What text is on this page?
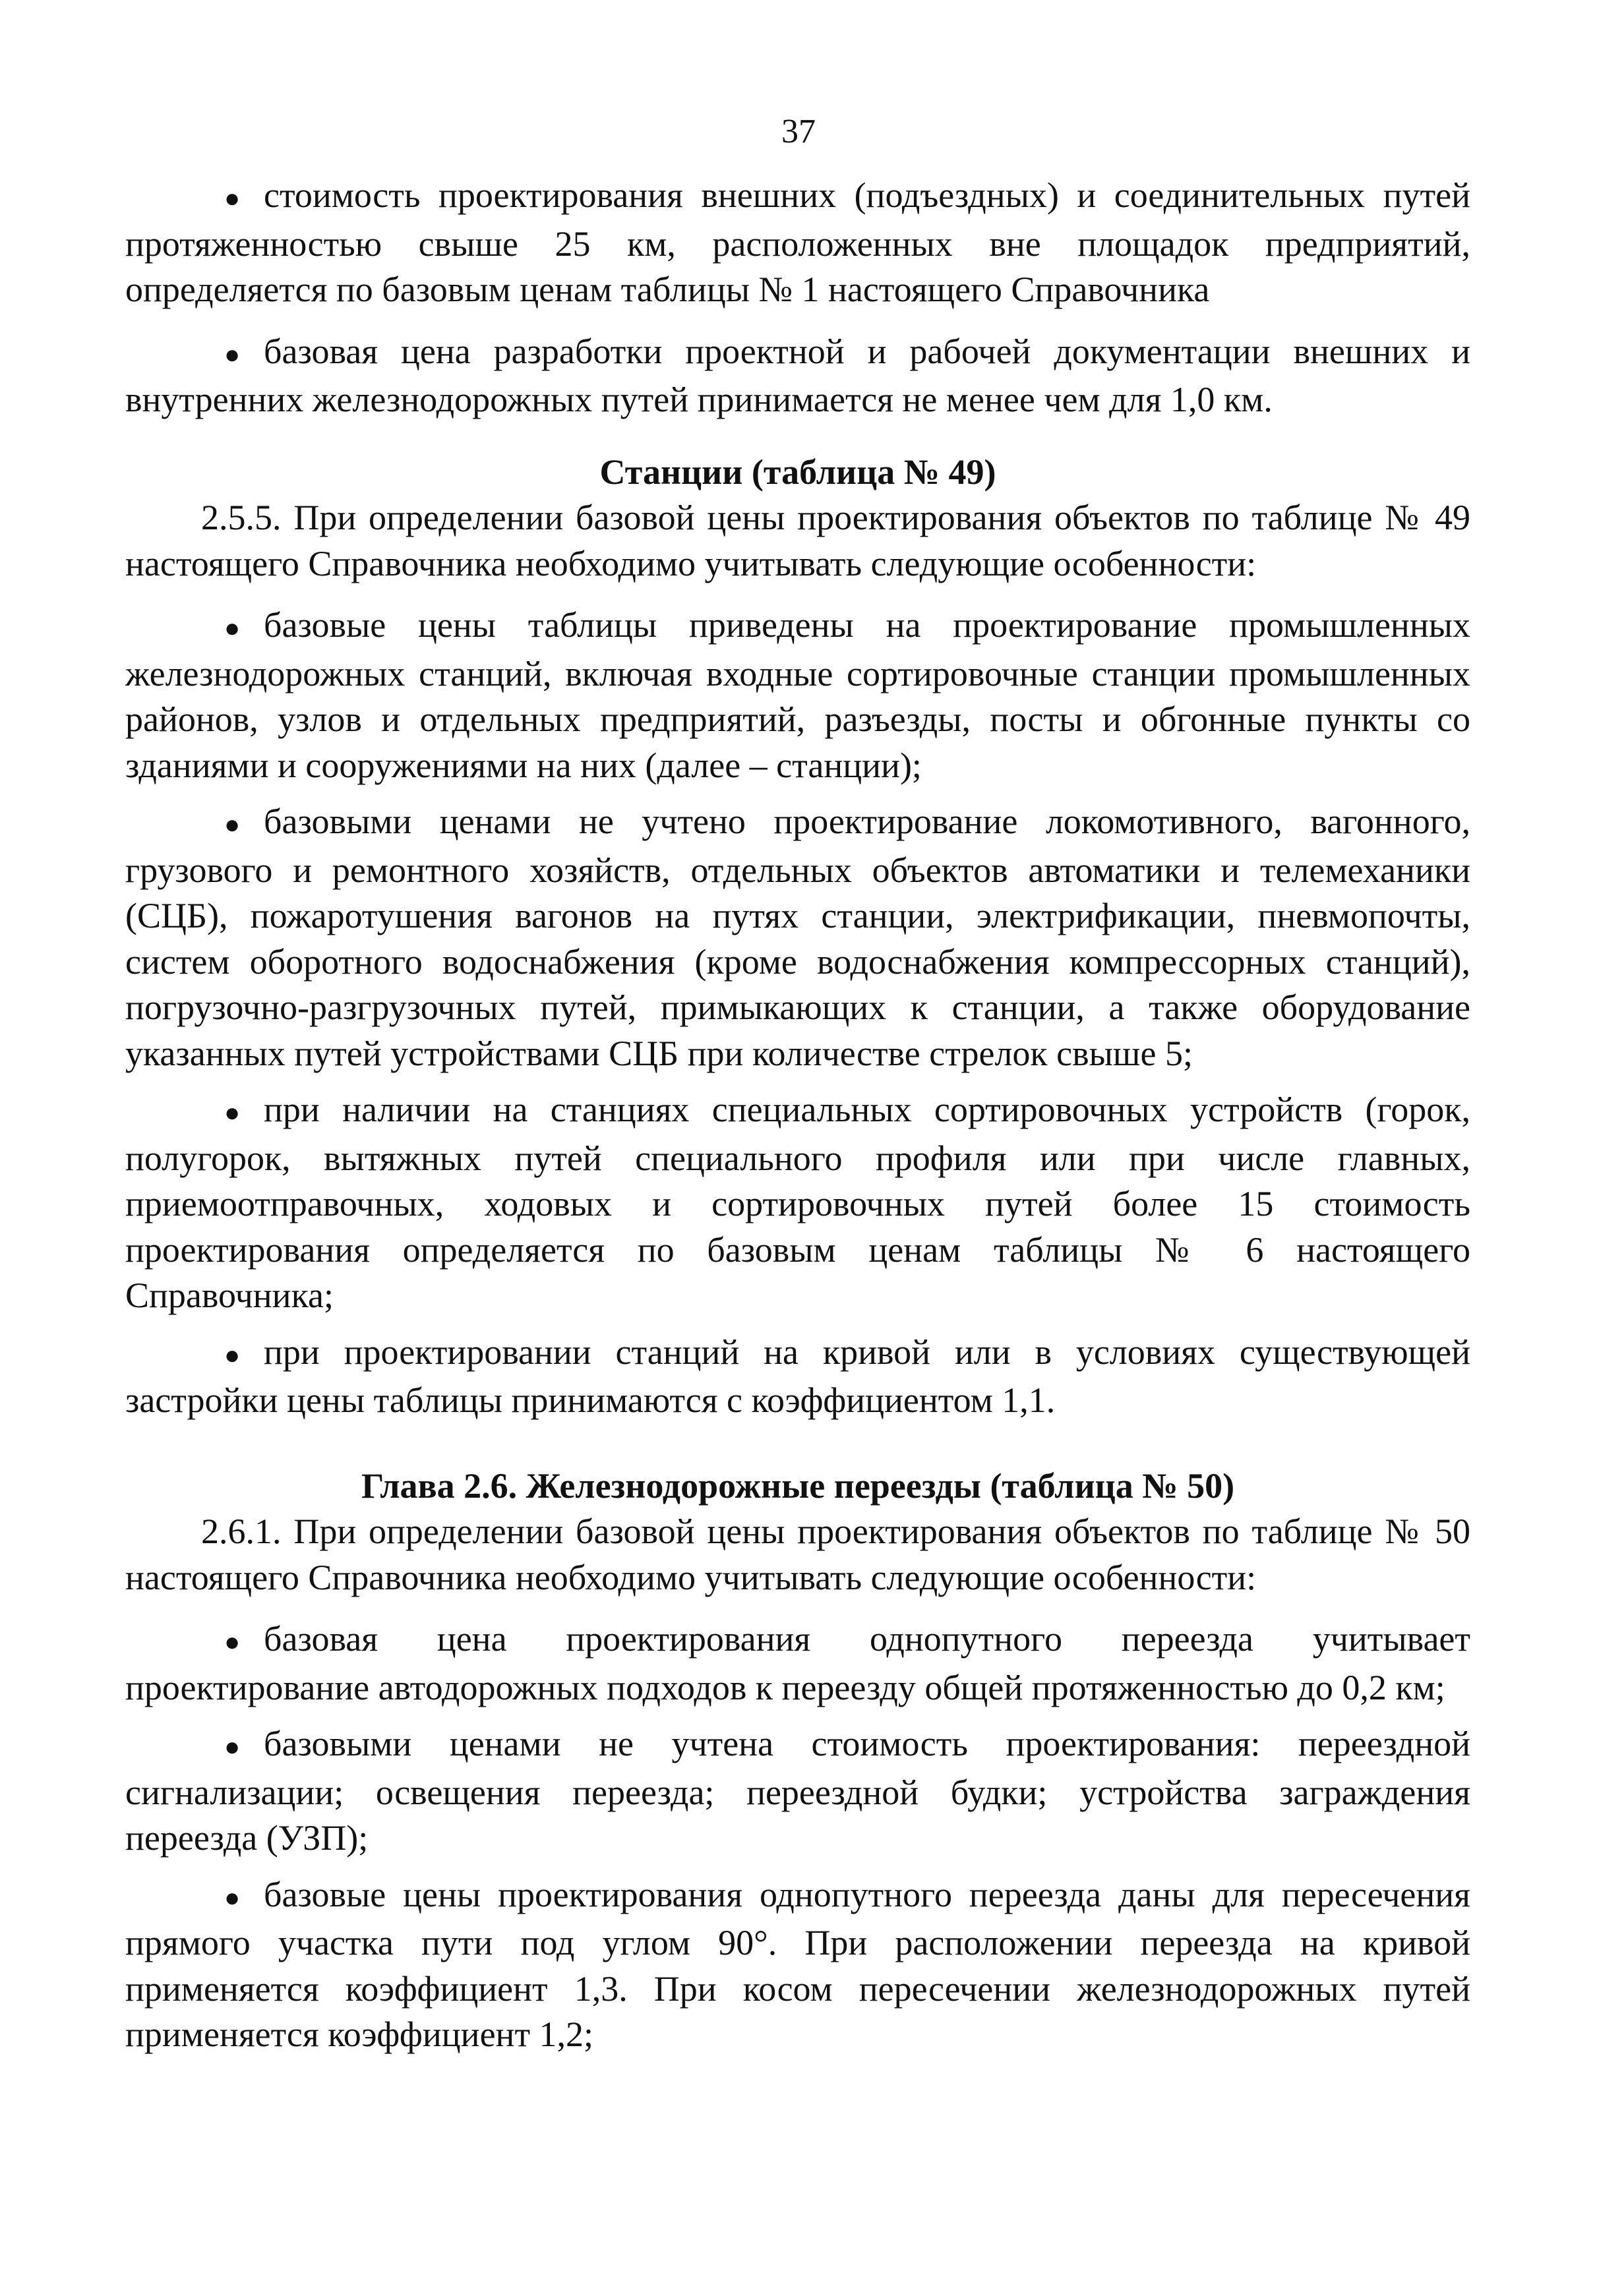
37

● стоимость проектирования внешних (подъездных) и соединительных путей протяженностью свыше 25 км, расположенных вне площадок предприятий, определяется по базовым ценам таблицы № 1 настоящего Справочника

● базовая цена разработки проектной и рабочей документации внешних и внутренних железнодорожных путей принимается не менее чем для 1,0 км.

Станции (таблица № 49)

2.5.5. При определении базовой цены проектирования объектов по таблице № 49 настоящего Справочника необходимо учитывать следующие особенности:

● базовые цены таблицы приведены на проектирование промышленных железнодорожных станций, включая входные сортировочные станции промышленных районов, узлов и отдельных предприятий, разъезды, посты и обгонные пункты со зданиями и сооружениями на них (далее – станции);

● базовыми ценами не учтено проектирование локомотивного, вагонного, грузового и ремонтного хозяйств, отдельных объектов автоматики и телемеханики (СЦБ), пожаротушения вагонов на путях станции, электрификации, пневмопочты, систем оборотного водоснабжения (кроме водоснабжения компрессорных станций), погрузочно-разгрузочных путей, примыкающих к станции, а также оборудование указанных путей устройствами СЦБ при количестве стрелок свыше 5;

● при наличии на станциях специальных сортировочных устройств (горок, полугорок, вытяжных путей специального профиля или при числе главных, приемоотправочных, ходовых и сортировочных путей более 15 стоимость проектирования определяется по базовым ценам таблицы № 6 настоящего Справочника;

● при проектировании станций на кривой или в условиях существующей застройки цены таблицы принимаются с коэффициентом 1,1.

Глава 2.6. Железнодорожные переезды (таблица № 50)

2.6.1. При определении базовой цены проектирования объектов по таблице № 50 настоящего Справочника необходимо учитывать следующие особенности:

● базовая цена проектирования однопутного переезда учитывает проектирование автодорожных подходов к переезду общей протяженностью до 0,2 км;

● базовыми ценами не учтена стоимость проектирования: переездной сигнализации; освещения переезда; переездной будки; устройства заграждения переезда (УЗП);

● базовые цены проектирования однопутного переезда даны для пересечения прямого участка пути под углом 90°. При расположении переезда на кривой применяется коэффициент 1,3. При косом пересечении железнодорожных путей применяется коэффициент 1,2;
